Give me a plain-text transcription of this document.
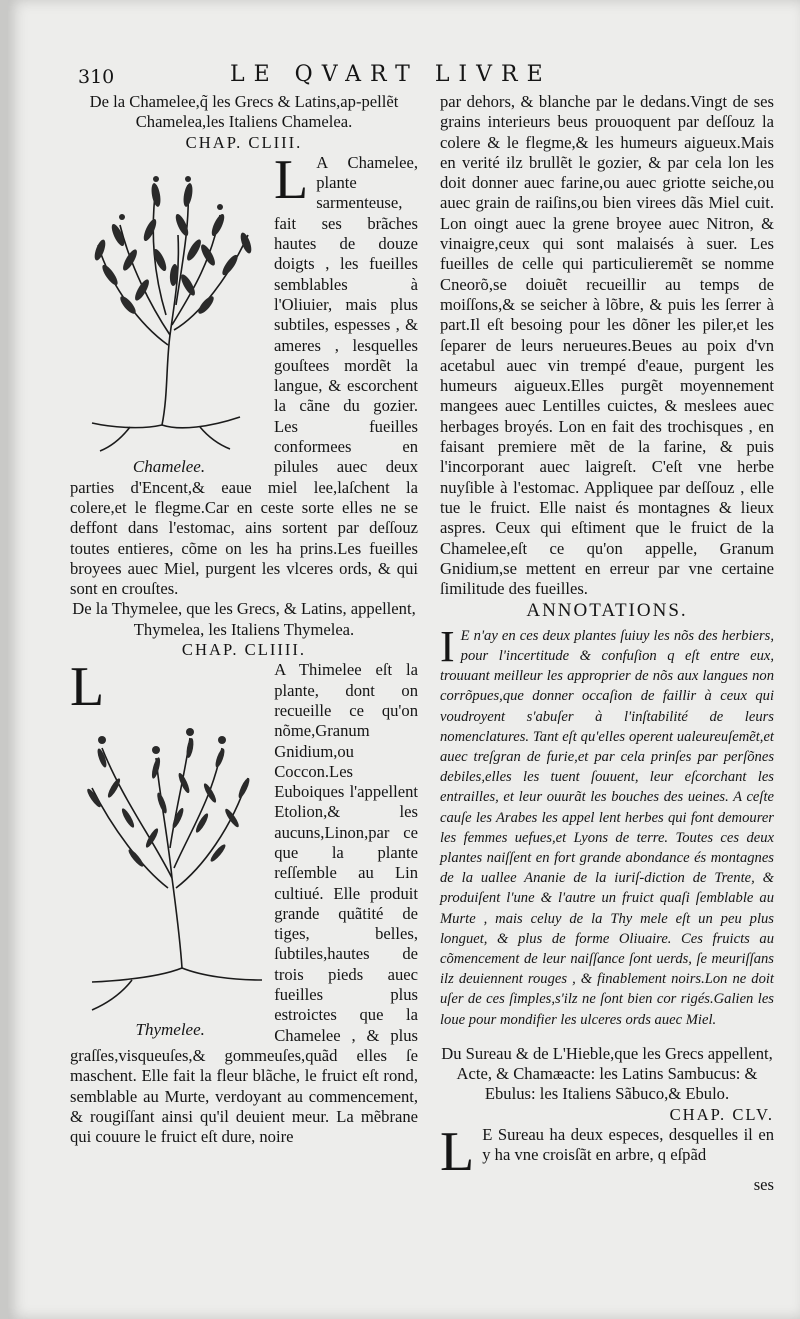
310	LE QVART LIVRE

De la Chamelee,q̃ les Grecs & Latins,ap-pellẽt Chamelea,les Italiens Chamelea.

CHAP. CLIII.

Chamelee.

L A Chamelee, plante sarmenteuse, fait ses brãches hautes de douze doigts , les fueilles semblables à l'Oliuier, mais plus subtiles, espesses , & ameres , lesquelles gouſtees mordẽt la langue, & escorchent la cãne du gozier. Les fueilles conformees en pilules auec deux parties d'Encent,& eaue miel lee,laſchent la colere,et le flegme.Car en ceste sorte elles ne se deffont dans l'estomac, ains sortent par deſſouz toutes entieres, cõme on les ha prins.Les fueilles broyees auec Miel, purgent les vlceres ords, & qui sont en crouſtes.

De la Thymelee, que les Grecs, & Latins, appellent, Thymelea, les Italiens Thymelea.

CHAP. CLIIII.

L
Thymelee.
A Thimelee eſt la plante, dont on recueille ce qu'on nõme,Granum Gnidium,ou Coccon.Les Euboiques l'appellent Etolion,& les aucuns,Linon,par ce que la plante reſſemble au Lin cultiué. Elle produit grande quãtité de tiges, belles, ſubtiles,hautes de trois pieds auec fueilles plus estroictes que la Chamelee , & plus graſſes,visqueuſes,& gommeuſes,quãd elles ſe maschent. Elle fait la fleur blãche, le fruict eſt rond, semblable au Murte, verdoyant au commencement, & rougiſſant ainsi qu'il deuient meur. La mẽbrane qui couure le fruict eſt dure, noire

par dehors, & blanche par le dedans.Vingt de ses grains interieurs beus prouoquent par deſſouz la colere & le flegme,& les humeurs aigueux.Mais en verité ilz brullẽt le gozier, & par cela lon les doit donner auec farine,ou auec griotte seiche,ou auec grain de raiſins,ou bien virees dãs Miel cuit. Lon oingt auec la grene broyee auec Nitron, & vinaigre,ceux qui sont malaisés à suer. Les fueilles de celle qui particulieremẽt se nomme Cneorõ,se doiuẽt recueillir au temps de moiſſons,& se seicher à lõbre, & puis les ſerrer à part.Il eſt besoing pour les dõner les piler,et les ſeparer de leurs nerueures.Beues au poix d'vn acetabul auec vin trempé d'eaue, purgent les humeurs aigueux.Elles purgẽt moyennement mangees auec Lentilles cuictes, & meslees auec herbages broyés. Lon en fait des trochisques , en faisant premiere mẽt de la farine, & puis l'incorporant auec laigreſt. C'eſt vne herbe nuyſible à l'estomac. Appliquee par deſſouz , elle tue le fruict. Elle naist és montagnes & lieux aspres. Ceux qui eſtiment que le fruict de la Chamelee,eſt ce qu'on appelle, Granum Gnidium,se mettent en erreur par vne certaine ſimilitude des fueilles.

ANNOTATIONS.

I E n'ay en ces deux plantes ſuiuy les nõs des herbiers, pour l'incertitude & confuſion q eſt entre eux, trouuant meilleur les approprier de nõs aux langues non corrõpues,que donner occaſion de faillir à ceux qui voudroyent s'abuſer à l'inſtabilité de leurs nomenclatures. Tant eſt qu'elles operent ualeureuſemẽt,et auec treſgran de furie,et par cela prinſes par perſõnes debiles,elles les tuent ſouuent, leur eſcorchant les entrailles, et leur ouurãt les bouches des ueines. A ceſte cauſe les Arabes les appel lent herbes qui font demourer les femmes uefues,et Lyons de terre. Toutes ces deux plantes naiſſent en fort grande abondance és montagnes de la uallee Ananie de la iuriſ-diction de Trente, & produiſent l'une & l'autre un fruict quaſi ſemblable au Murte , mais celuy de la Thy mele eſt un peu plus longuet, & plus de forme Oliuaire. Ces fruicts au cõmencement de leur naiſſance ſont uerds, ſe meuriſſans ilz deuiennent rouges , & finablement noirs.Lon ne doit uſer de ces ſimples,s'ilz ne ſont bien cor rigés.Galien les loue pour mondifier les ulceres ords auec Miel.

Du Sureau & de L'Hieble,que les Grecs appellent, Acte, & Chamæacte: les Latins Sambucus: & Ebulus: les Italiens Sãbuco,& Ebulo.

CHAP. CLV.

L E Sureau ha deux especes, desquelles il en y ha vne croisſãt en arbre, q eſpãd

ses
